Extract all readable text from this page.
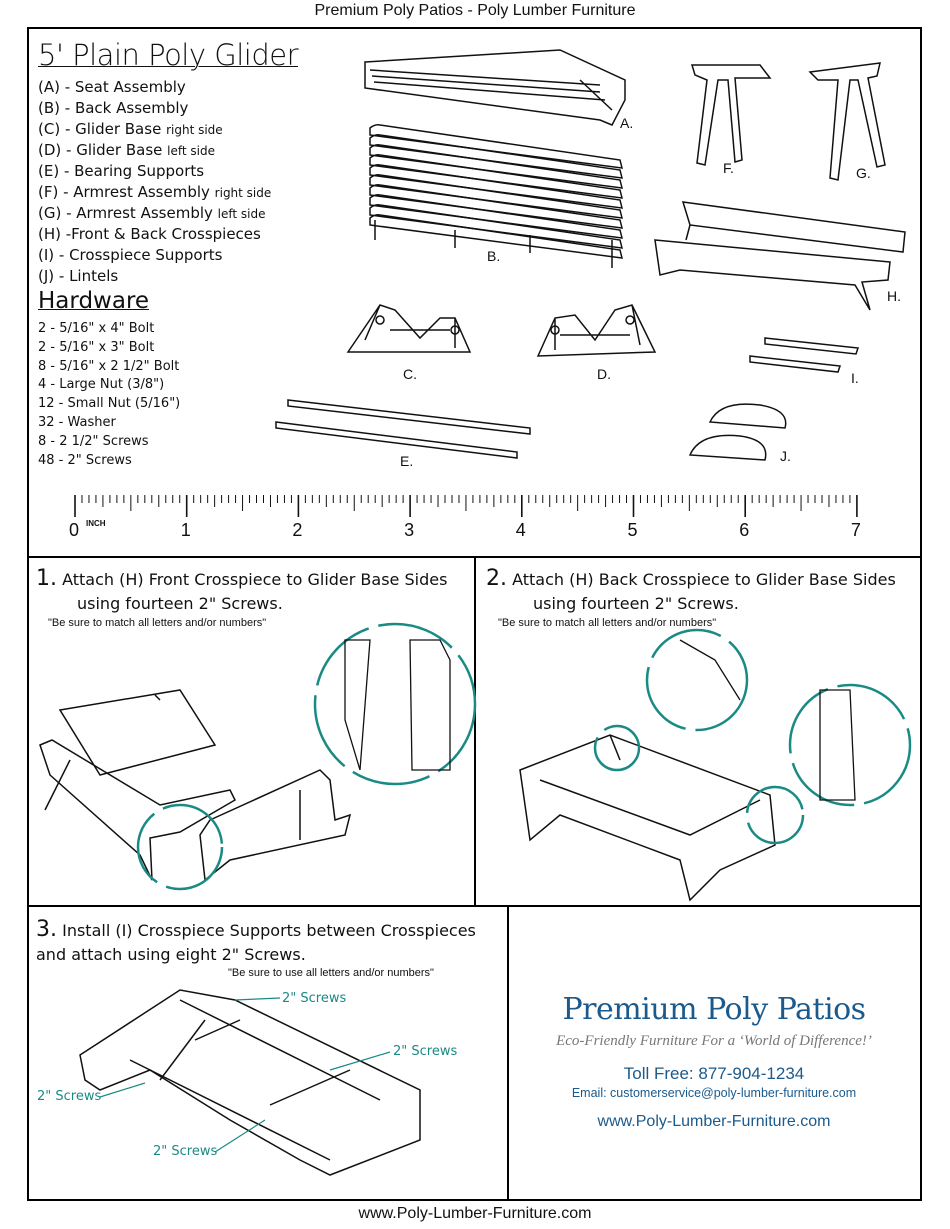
Premium Poly Patios - Poly Lumber Furniture
5' Plain Poly Glider
(A) - Seat Assembly
(B) - Back Assembly
(C) - Glider Base right side
(D) - Glider Base left side
(E) - Bearing Supports
(F) - Armrest Assembly right side
(G) - Armrest Assembly left side
(H) -Front & Back Crosspieces
(I) - Crosspiece Supports
(J) - Lintels
Hardware
2 - 5/16" x 4" Bolt
2 - 5/16" x 3" Bolt
8 - 5/16" x 2 1/2" Bolt
4 - Large Nut (3/8")
12 - Small Nut (5/16")
32 - Washer
8 - 2 1/2" Screws
48 - 2" Screws
A.
B.
C.	D.
E.
F.	G.
H.
I.
J.
INCH
0	1	2	3	4	5	6	7
1. Attach (H) Front Crosspiece to Glider Base Sides
using fourteen 2" Screws.
"Be sure to match all letters and/or numbers"
2. Attach (H) Back Crosspiece to Glider Base Sides
using fourteen 2" Screws.
"Be sure to match all letters and/or numbers"
3. Install (I) Crosspiece Supports between Crosspieces
and attach using eight 2" Screws.
"Be sure to use all letters and/or numbers"
2" Screws
2" Screws
2" Screws
2" Screws
Premium Poly Patios
Eco-Friendly Furniture For a ‘World of Difference!’
Toll Free: 877-904-1234
Email: customerservice@poly-lumber-furniture.com
www.Poly-Lumber-Furniture.com
www.Poly-Lumber-Furniture.com
